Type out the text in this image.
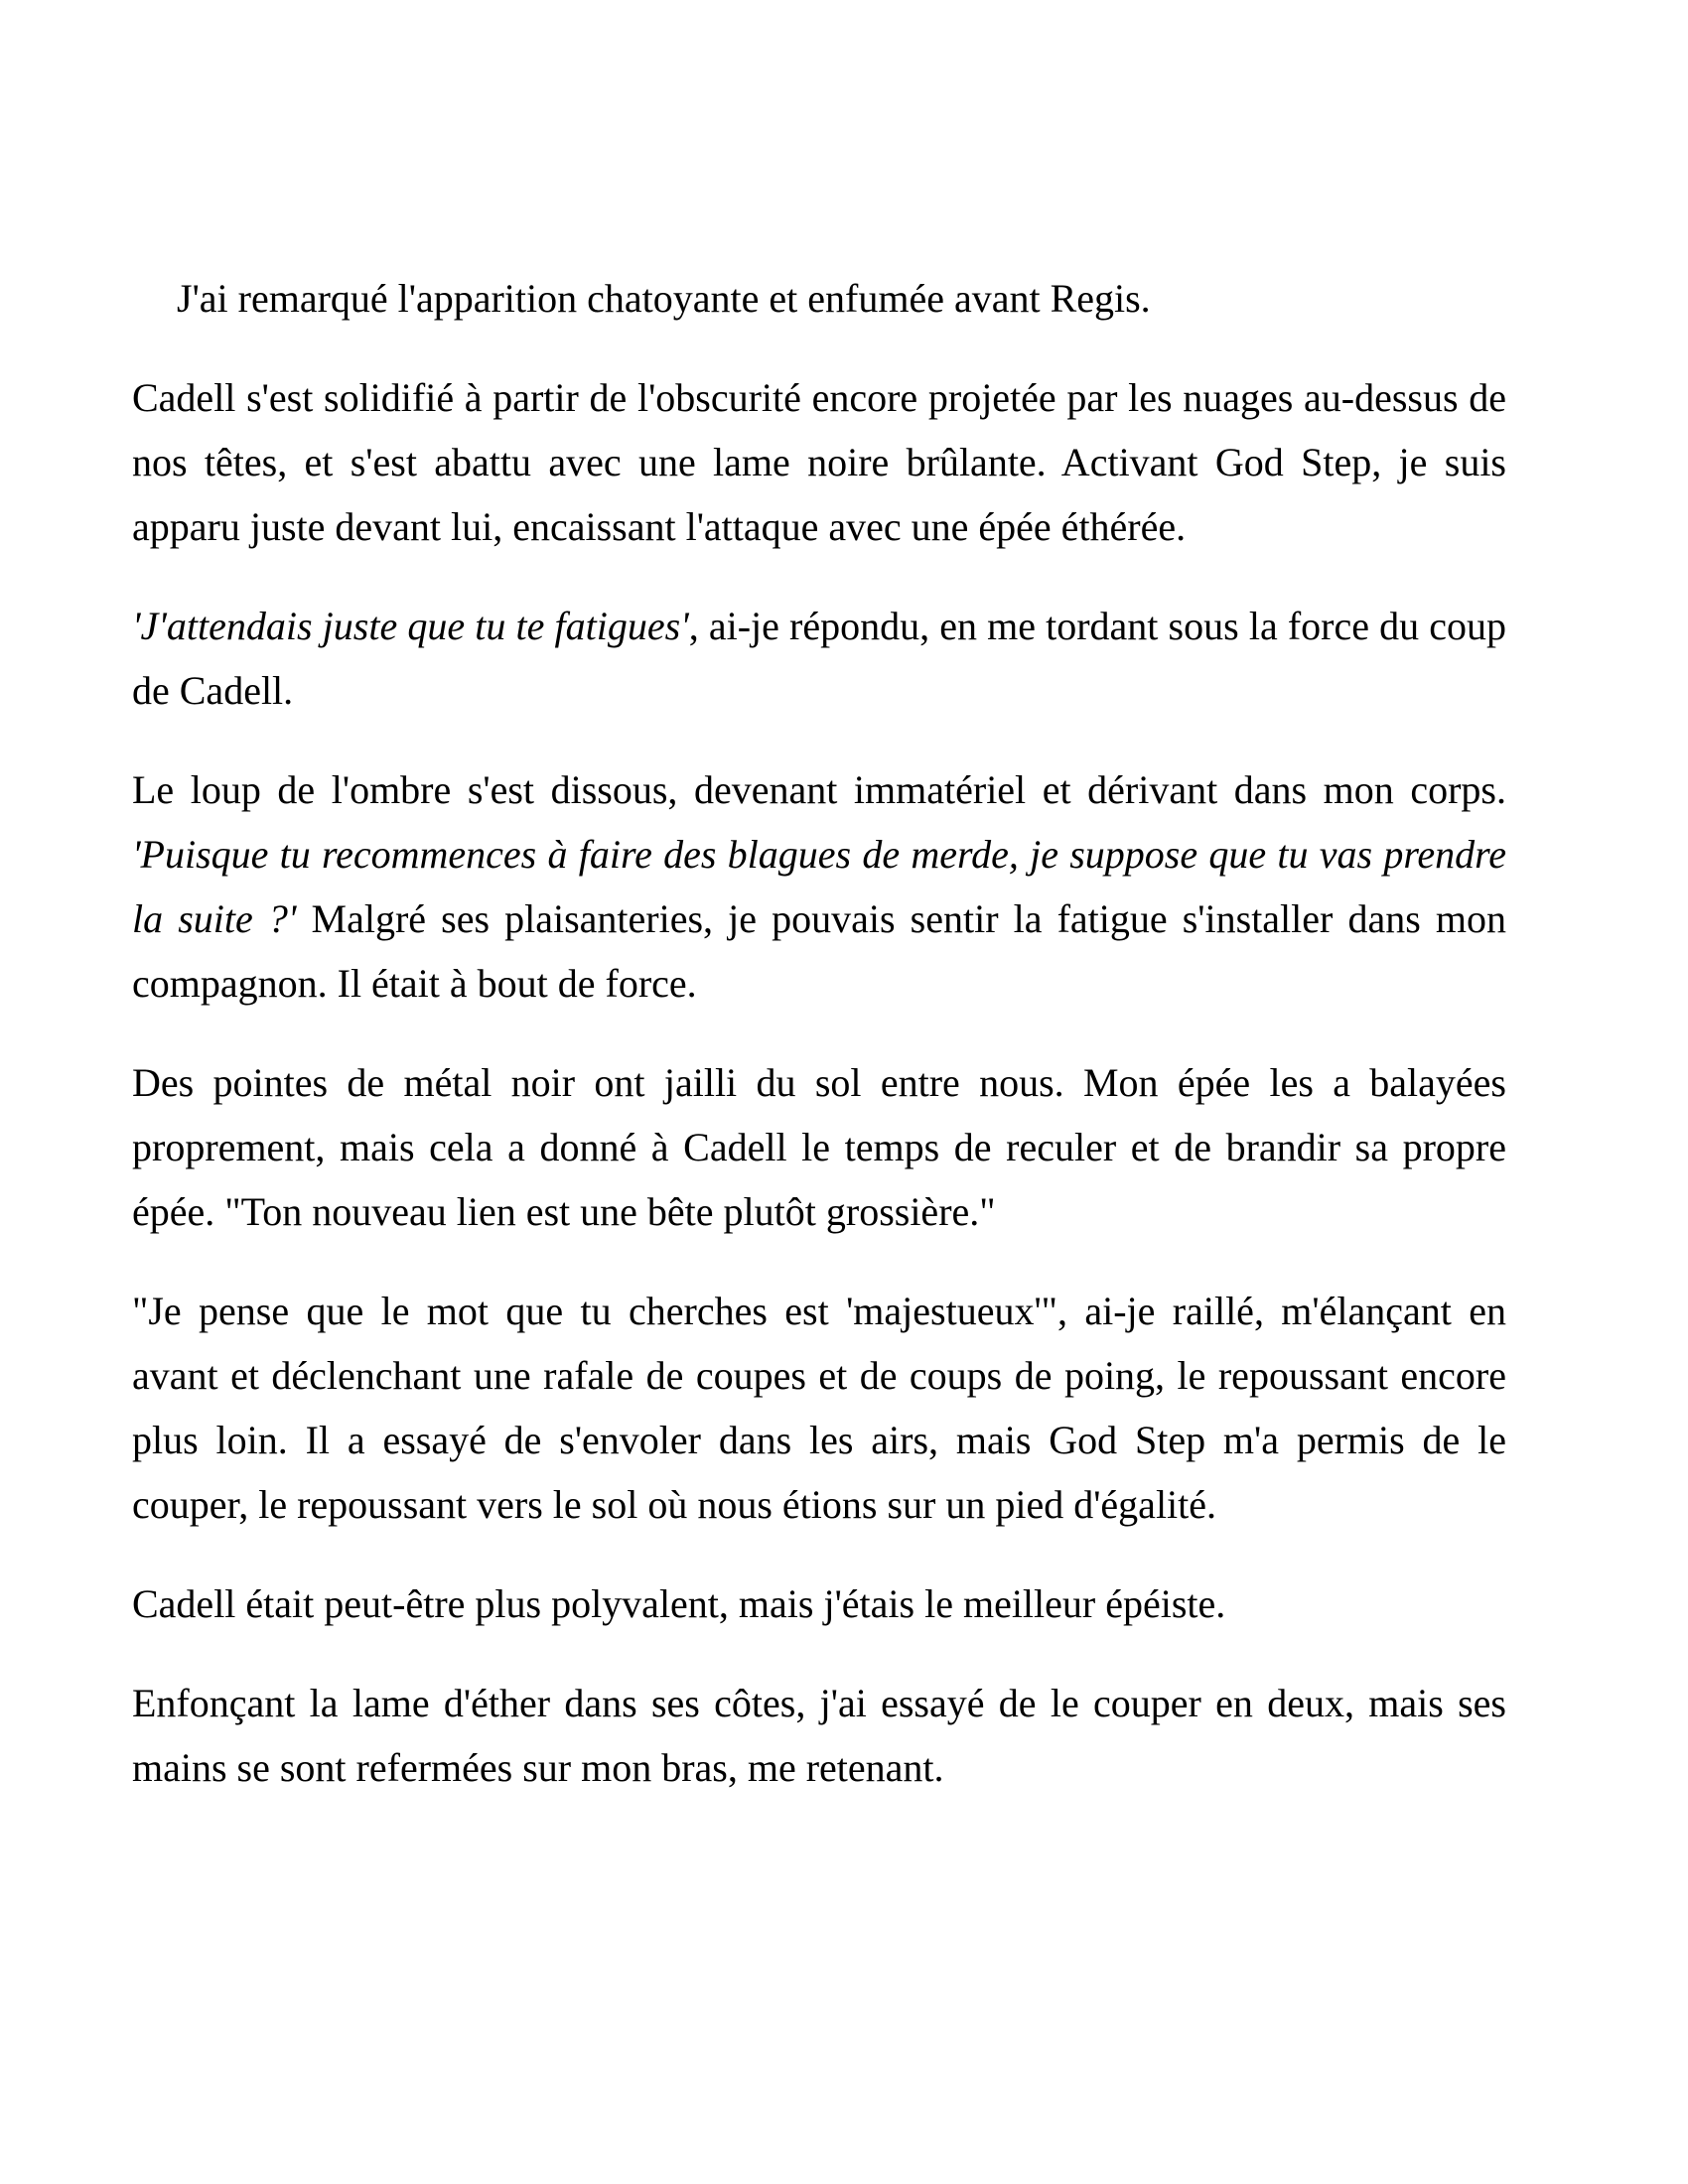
J'ai remarqué l'apparition chatoyante et enfumée avant Regis.

Cadell s'est solidifié à partir de l'obscurité encore projetée par les nuages au-dessus de nos têtes, et s'est abattu avec une lame noire brûlante. Activant God Step, je suis apparu juste devant lui, encaissant l'attaque avec une épée éthérée.

'J'attendais juste que tu te fatigues', ai-je répondu, en me tordant sous la force du coup de Cadell.

Le loup de l'ombre s'est dissous, devenant immatériel et dérivant dans mon corps. 'Puisque tu recommences à faire des blagues de merde, je suppose que tu vas prendre la suite ?' Malgré ses plaisanteries, je pouvais sentir la fatigue s'installer dans mon compagnon. Il était à bout de force.

Des pointes de métal noir ont jailli du sol entre nous. Mon épée les a balayées proprement, mais cela a donné à Cadell le temps de reculer et de brandir sa propre épée. "Ton nouveau lien est une bête plutôt grossière."

"Je pense que le mot que tu cherches est 'majestueux'", ai-je raillé, m'élançant en avant et déclenchant une rafale de coupes et de coups de poing, le repoussant encore plus loin. Il a essayé de s'envoler dans les airs, mais God Step m'a permis de le couper, le repoussant vers le sol où nous étions sur un pied d'égalité.

Cadell était peut-être plus polyvalent, mais j'étais le meilleur épéiste.

Enfonçant la lame d'éther dans ses côtes, j'ai essayé de le couper en deux, mais ses mains se sont refermées sur mon bras, me retenant.
